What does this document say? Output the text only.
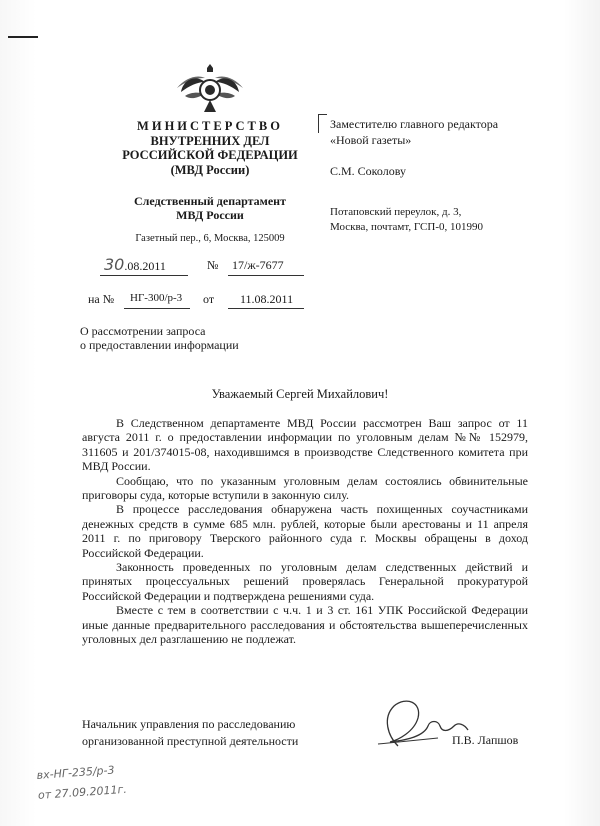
МИНИСТЕРСТВО
ВНУТРЕННИХ ДЕЛ
РОССИЙСКОЙ ФЕДЕРАЦИИ
(МВД России)
Следственный департамент
МВД России
Газетный пер., 6, Москва, 125009
30.08.2011	№ 17/ж-7677
на № НГ-300/р-3 от 11.08.2011
О рассмотрении запроса
о предоставлении информации
Заместителю главного редактора
«Новой газеты»
С.М. Соколову
Потаповский переулок, д. 3,
Москва, почтамт, ГСП-0, 101990
Уважаемый Сергей Михайлович!

В Следственном департаменте МВД России рассмотрен Ваш запрос от 11 августа 2011 г. о предоставлении информации по уголовным делам №№ 152979, 311605 и 201/374015-08, находившимся в производстве Следственного комитета при МВД России.

Сообщаю, что по указанным уголовным делам состоялись обвинительные приговоры суда, которые вступили в законную силу.

В процессе расследования обнаружена часть похищенных соучастниками денежных средств в сумме 685 млн. рублей, которые были арестованы и 11 апреля 2011 г. по приговору Тверского районного суда г. Москвы обращены в доход Российской Федерации.

Законность проведенных по уголовным делам следственных действий и принятых процессуальных решений проверялась Генеральной прокуратурой Российской Федерации и подтверждена решениями суда.

Вместе с тем в соответствии с ч.ч. 1 и 3 ст. 161 УПК Российской Федерации иные данные предварительного расследования и обстоятельства вышеперечисленных уголовных дел разглашению не подлежат.

Начальник управления по расследованию
организованной преступной деятельности	П.В. Лапшов
вх-НГ-235/р-3
от 27.09.2011г.
